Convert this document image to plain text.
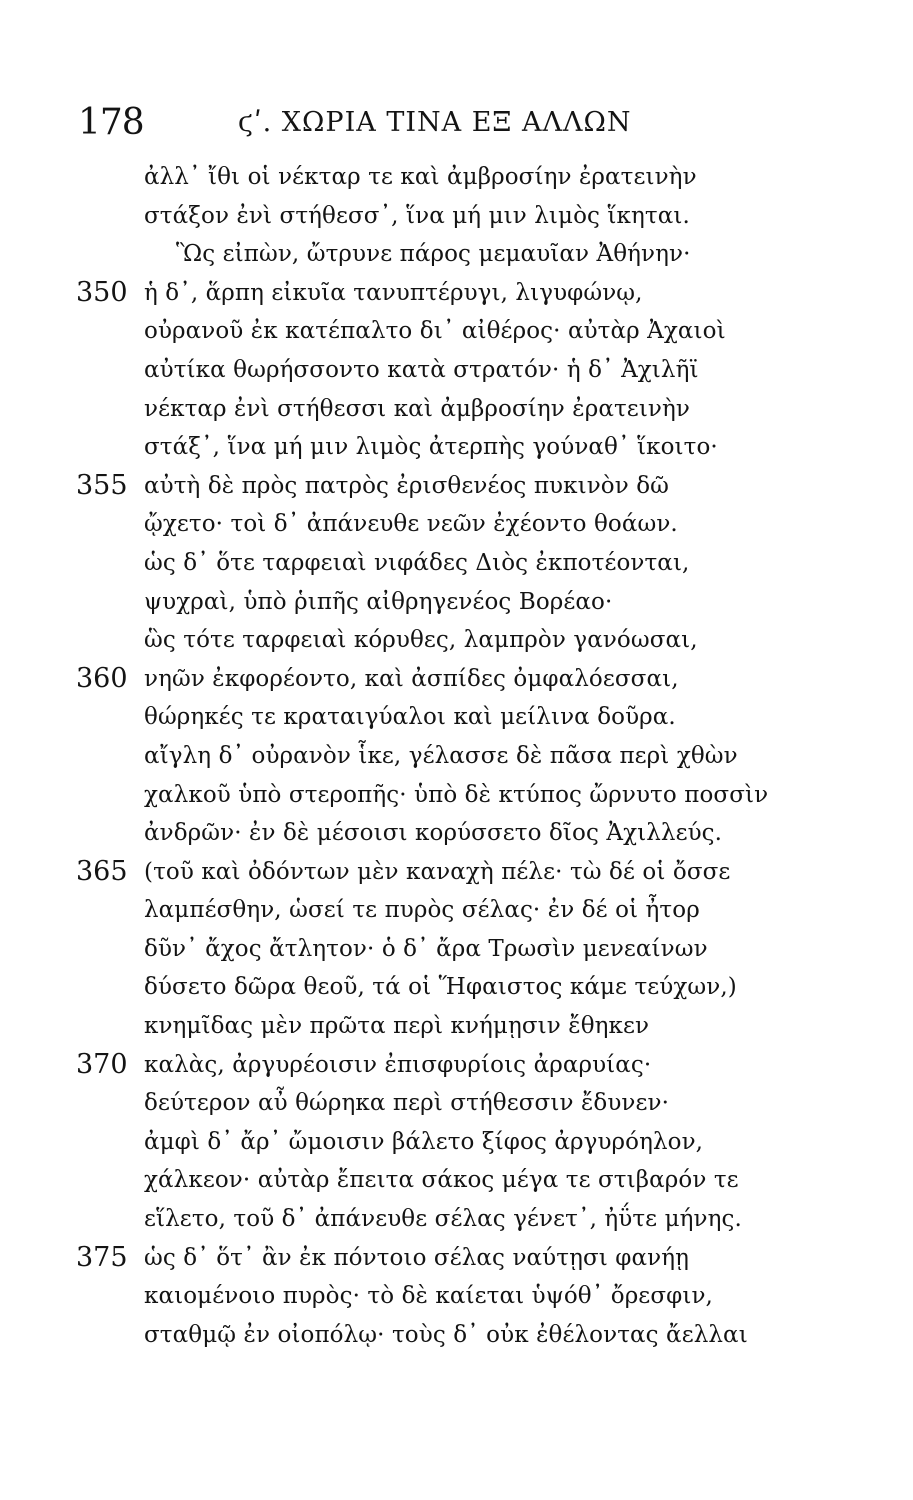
178	ϛʹ. ΧΩΡΙΑ ΤΙΝΑ ΕΞ ΑΛΛΩΝ
ἀλλ᾽ ἴθι οἱ νέκταρ τε καὶ ἀμβροσίην ἐρατεινὴν
στάξον ἐνὶ στήθεσσ᾽, ἵνα μή μιν λιμὸς ἵκηται.
Ὣς εἰπὼν, ὤτρυνε πάρος μεμαυῖαν Ἀθήνην·
350 ἡ δ᾽, ἅρπη εἰκυῖα τανυπτέρυγι, λιγυφώνῳ,
οὐρανοῦ ἐκ κατέπαλτο δι᾽ αἰθέρος· αὐτὰρ Ἀχαιοὶ
αὐτίκα θωρήσσοντο κατὰ στρατόν· ἡ δ᾽ Ἀχιλῆϊ
νέκταρ ἐνὶ στήθεσσι καὶ ἀμβροσίην ἐρατεινὴν
στάξ᾽, ἵνα μή μιν λιμὸς ἀτερπὴς γούναθ᾽ ἵκοιτο·
355 αὐτὴ δὲ πρὸς πατρὸς ἐρισθενέος πυκινὸν δῶ
ᾤχετο· τοὶ δ᾽ ἀπάνευθε νεῶν ἐχέοντο θοάων.
ὡς δ᾽ ὅτε ταρφειαὶ νιφάδες Διὸς ἐκποτέονται,
ψυχραὶ, ὑπὸ ῥιπῆς αἰθρηγενέος Βορέαο·
ὣς τότε ταρφειαὶ κόρυθες, λαμπρὸν γανόωσαι,
360 νηῶν ἐκφορέοντο, καὶ ἀσπίδες ὀμφαλόεσσαι,
θώρηκές τε κραταιγύαλοι καὶ μείλινα δοῦρα.
αἴγλη δ᾽ οὐρανὸν ἷκε, γέλασσε δὲ πᾶσα περὶ χθὼν
χαλκοῦ ὑπὸ στεροπῆς· ὑπὸ δὲ κτύπος ὤρνυτο ποσσὶν
ἀνδρῶν· ἐν δὲ μέσοισι κορύσσετο δῖος Ἀχιλλεύς.
365 (τοῦ καὶ ὀδόντων μὲν καναχὴ πέλε· τὼ δέ οἱ ὄσσε
λαμπέσθην, ὡσεί τε πυρὸς σέλας· ἐν δέ οἱ ἦτορ
δῦν᾽ ἄχος ἄτλητον· ὁ δ᾽ ἄρα Τρωσὶν μενεαίνων
δύσετο δῶρα θεοῦ, τά οἱ Ἥφαιστος κάμε τεύχων,)
κνημῖδας μὲν πρῶτα περὶ κνήμῃσιν ἔθηκεν
370 καλὰς, ἀργυρέοισιν ἐπισφυρίοις ἀραρυίας·
δεύτερον αὖ θώρηκα περὶ στήθεσσιν ἔδυνεν·
ἀμφὶ δ᾽ ἄρ᾽ ὤμοισιν βάλετο ξίφος ἀργυρόηλον,
χάλκεον· αὐτὰρ ἔπειτα σάκος μέγα τε στιβαρόν τε
εἵλετο, τοῦ δ᾽ ἀπάνευθε σέλας γένετ᾽, ἠΰτε μήνης.
375 ὡς δ᾽ ὅτ᾽ ἂν ἐκ πόντοιο σέλας ναύτῃσι φανήῃ
καιομένοιο πυρὸς· τὸ δὲ καίεται ὑψόθ᾽ ὄρεσφιν,
σταθμῷ ἐν οἰοπόλῳ· τοὺς δ᾽ οὐκ ἐθέλοντας ἄελλαι
